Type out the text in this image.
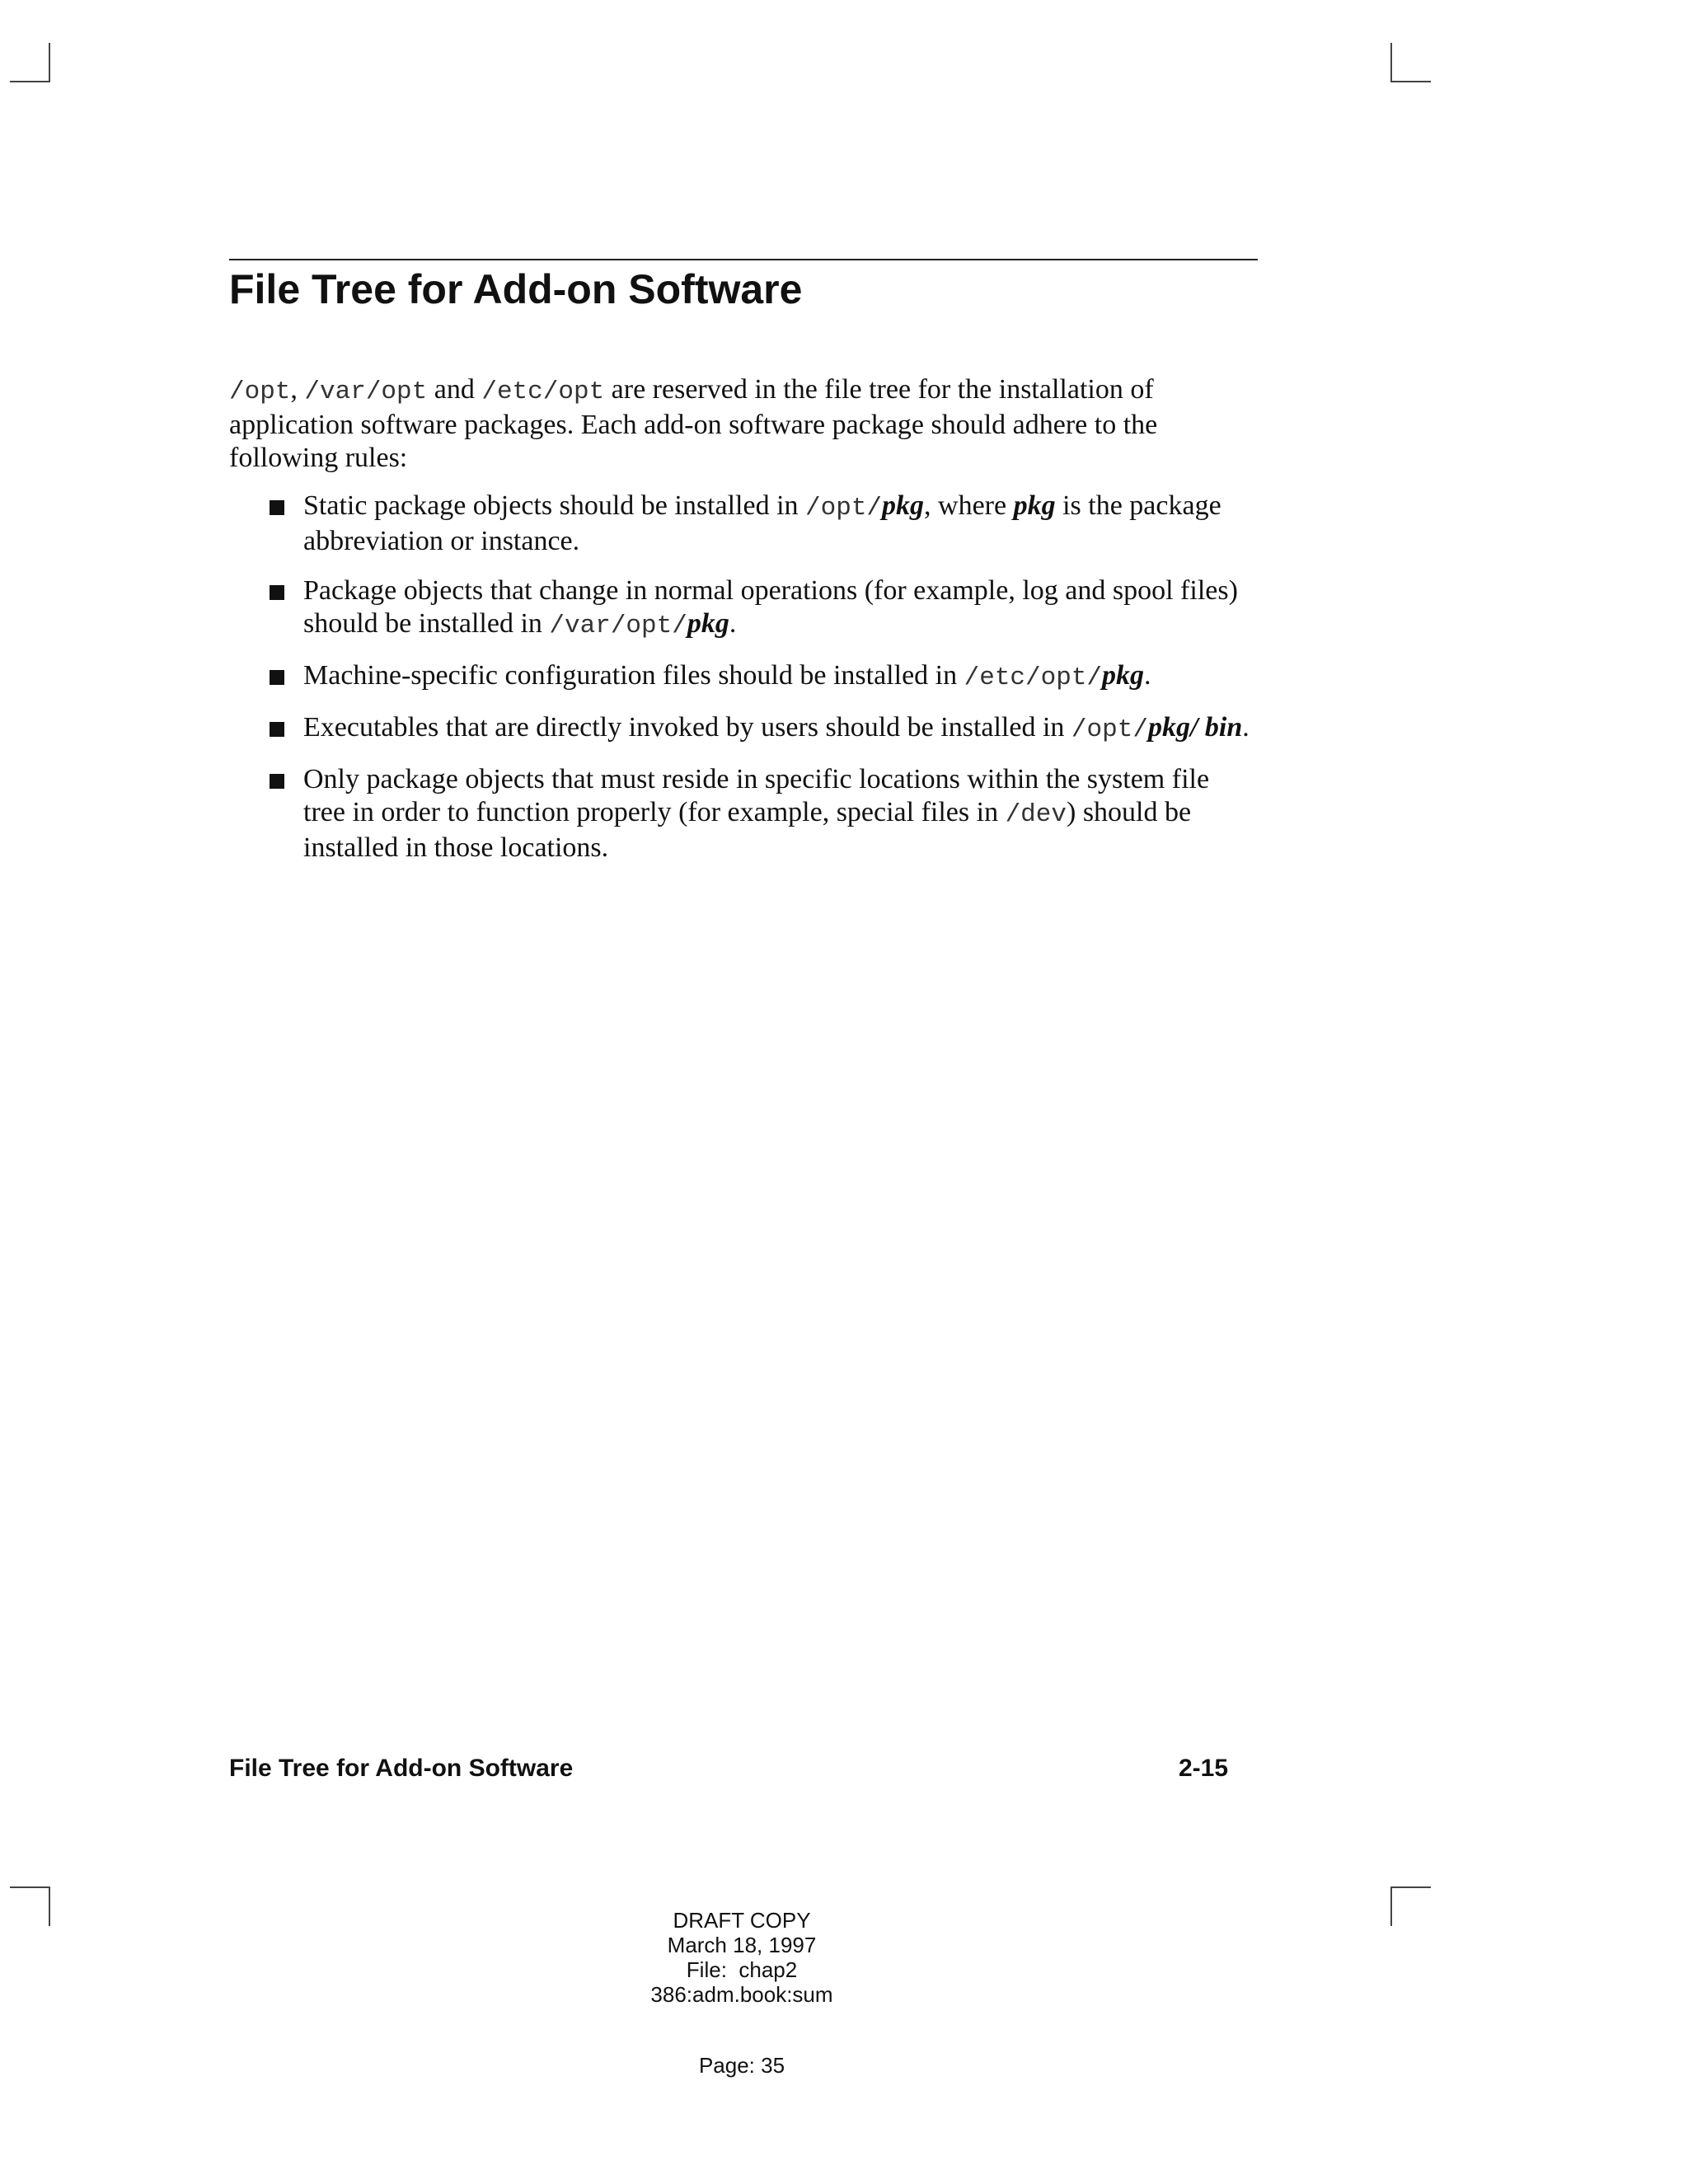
File Tree for Add-on Software

/opt, /var/opt and /etc/opt are reserved in the file tree for the installation of application software packages. Each add-on software package should adhere to the following rules:

Static package objects should be installed in /opt/pkg, where pkg is the package abbreviation or instance.
Package objects that change in normal operations (for example, log and spool files) should be installed in /var/opt/pkg.
Machine-specific configuration files should be installed in /etc/opt/pkg.
Executables that are directly invoked by users should be installed in /opt/pkg/ bin.
Only package objects that must reside in specific locations within the system file tree in order to function properly (for example, special files in /dev) should be installed in those locations.
File Tree for Add-on Software	2-15
DRAFT COPY
March 18, 1997
File:  chap2
386:adm.book:sum
Page: 35
